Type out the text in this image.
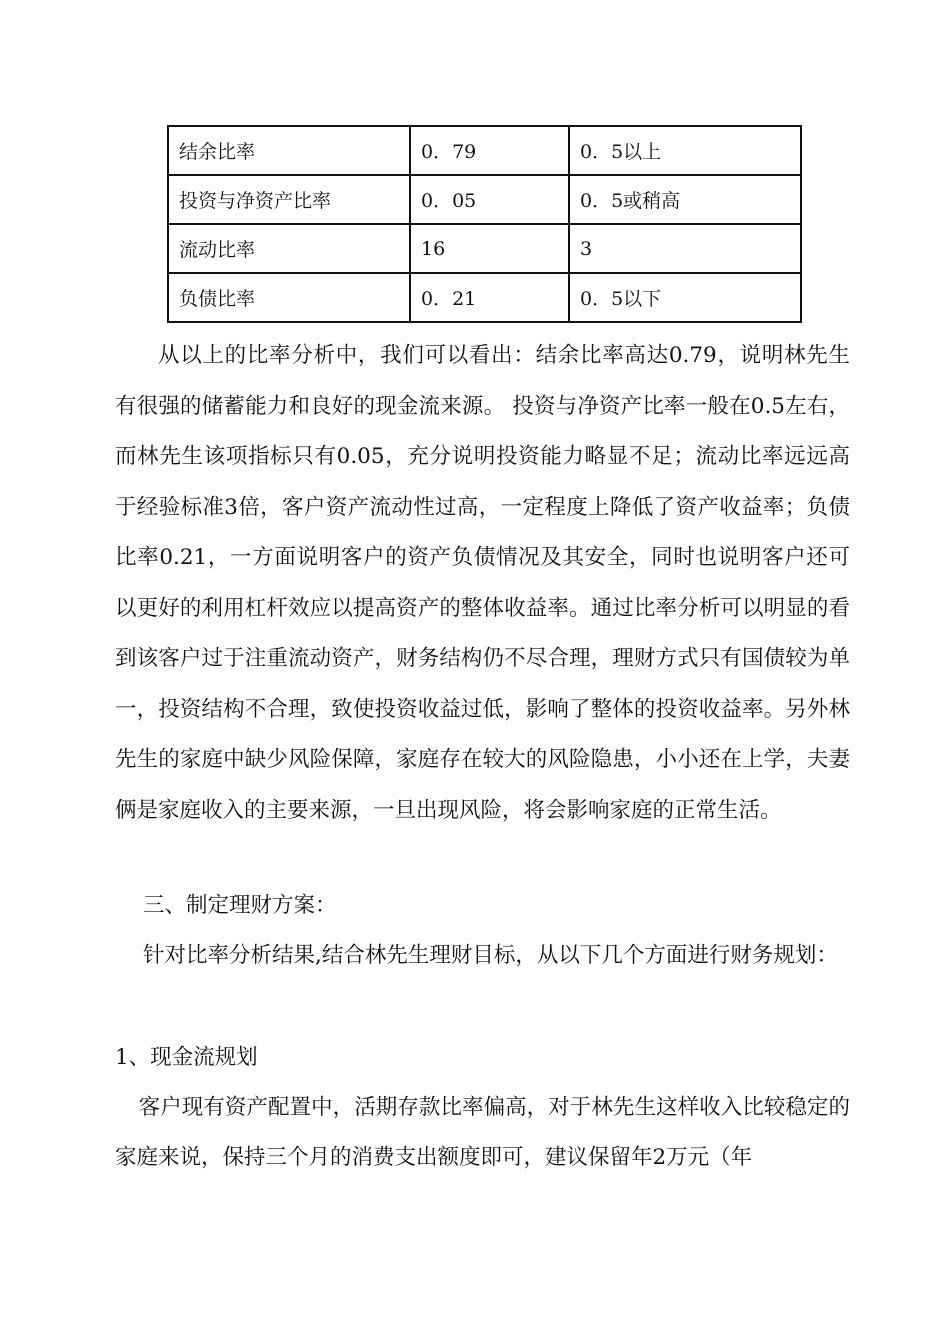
结余比率	0．79	0．5以上
投资与净资产比率	0．05	0．5或稍高
流动比率	16	3
负债比率	0．21	0．5以下

从以上的比率分析中，我们可以看出：结余比率高达0.79，说明林先生有很强的储蓄能力和良好的现金流来源。 投资与净资产比率一般在0.5左右，而林先生该项指标只有0.05，充分说明投资能力略显不足；流动比率远远高于经验标准3倍，客户资产流动性过高，一定程度上降低了资产收益率；负债比率0.21，一方面说明客户的资产负债情况及其安全，同时也说明客户还可以更好的利用杠杆效应以提高资产的整体收益率。通过比率分析可以明显的看到该客户过于注重流动资产，财务结构仍不尽合理，理财方式只有国债较为单一，投资结构不合理，致使投资收益过低，影响了整体的投资收益率。另外林先生的家庭中缺少风险保障，家庭存在较大的风险隐患，小小还在上学，夫妻俩是家庭收入的主要来源，一旦出现风险，将会影响家庭的正常生活。

三、制定理财方案：

针对比率分析结果,结合林先生理财目标，从以下几个方面进行财务规划：

1、现金流规划

客户现有资产配置中，活期存款比率偏高，对于林先生这样收入比较稳定的家庭来说，保持三个月的消费支出额度即可，建议保留年2万元（年
